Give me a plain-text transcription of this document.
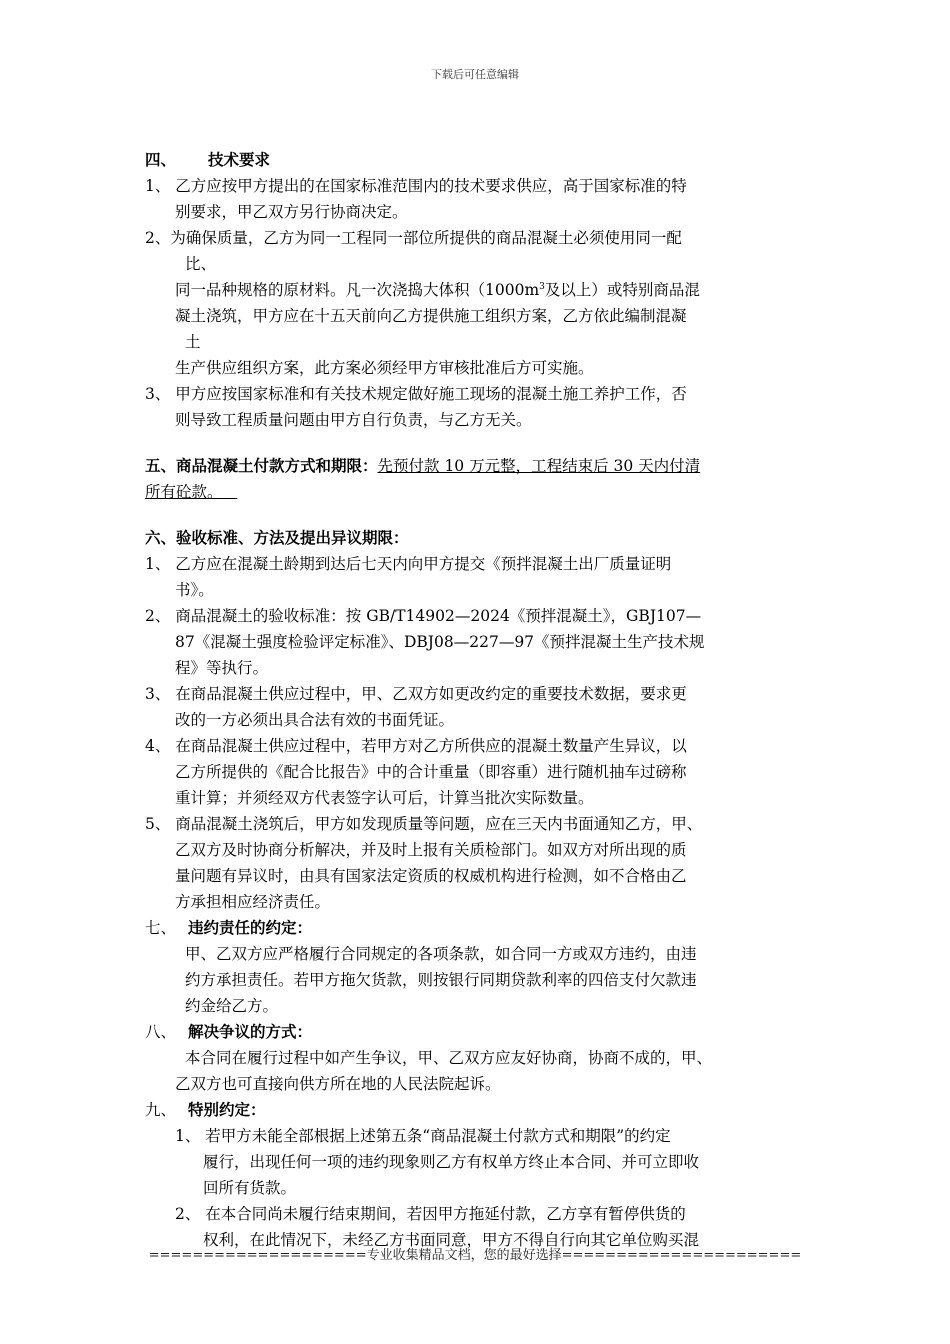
下载后可任意编辑
四、 技术要求
1、 乙方应按甲方提出的在国家标准范围内的技术要求供应，高于国家标准的特
别要求，甲乙双方另行协商决定。
2、为确保质量，乙方为同一工程同一部位所提供的商品混凝土必须使用同一配
比、
同一品种规格的原材料。凡一次浇捣大体积（$1000m^3$及以上）或特别商品混
凝土浇筑，甲方应在十五天前向乙方提供施工组织方案，乙方依此编制混凝
土
生产供应组织方案，此方案必须经甲方审核批准后方可实施。
3、 甲方应按国家标准和有关技术规定做好施工现场的混凝土施工养护工作，否
则导致工程质量问题由甲方自行负责，与乙方无关。
五、商品混凝土付款方式和期限：先预付款 10 万元整，工程结束后 30 天内付清
所有砼款。
六、验收标准、方法及提出异议期限：
1、 乙方应在混凝土龄期到达后七天内向甲方提交《预拌混凝土出厂质量证明
书》。
2、 商品混凝土的验收标准：按 GB/T14902—2024《预拌混凝土》，GBJ107—
87《混凝土强度检验评定标准》、DBJ08—227—97《预拌混凝土生产技术规
程》等执行。
3、 在商品混凝土供应过程中，甲、乙双方如更改约定的重要技术数据，要求更
改的一方必须出具合法有效的书面凭证。
4、 在商品混凝土供应过程中，若甲方对乙方所供应的混凝土数量产生异议，以
乙方所提供的《配合比报告》中的合计重量（即容重）进行随机抽车过磅称
重计算；并须经双方代表签字认可后，计算当批次实际数量。
5、 商品混凝土浇筑后，甲方如发现质量等问题，应在三天内书面通知乙方，甲、
乙双方及时协商分析解决，并及时上报有关质检部门。如双方对所出现的质
量问题有异议时，由具有国家法定资质的权威机构进行检测，如不合格由乙
方承担相应经济责任。
七、 违约责任的约定：
甲、乙双方应严格履行合同规定的各项条款，如合同一方或双方违约，由违
约方承担责任。若甲方拖欠货款，则按银行同期贷款利率的四倍支付欠款违
约金给乙方。
八、 解决争议的方式：
本合同在履行过程中如产生争议，甲、乙双方应友好协商，协商不成的，甲、
乙双方也可直接向供方所在地的人民法院起诉。
九、 特别约定：
1、 若甲方未能全部根据上述第五条“商品混凝土付款方式和期限”的约定
履行，出现任何一项的违约现象则乙方有权单方终止本合同、并可立即收
回所有货款。
2、 在本合同尚未履行结束期间，若因甲方拖延付款，乙方享有暂停供货的
权利，在此情况下，未经乙方书面同意，甲方不得自行向其它单位购买混
====================专业收集精品文档，您的最好选择======================
